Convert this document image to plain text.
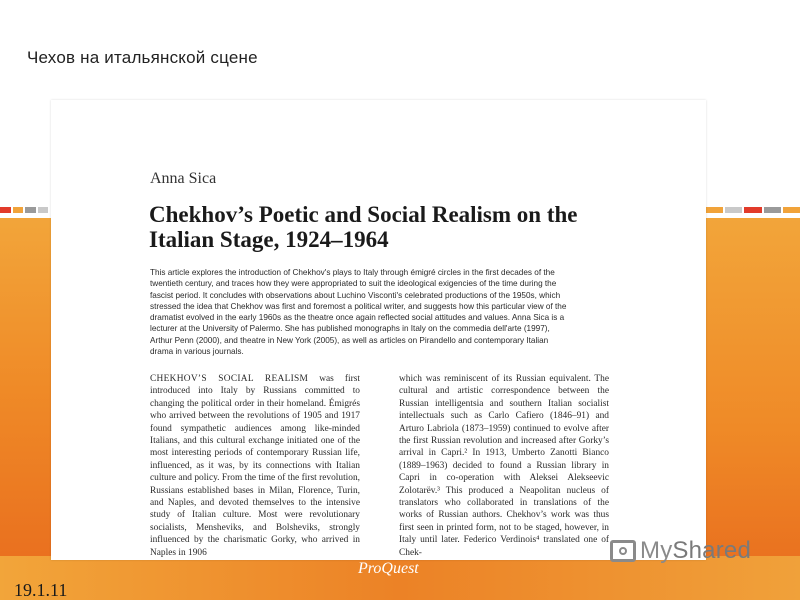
Чехов на итальянской сцене
Anna Sica
Chekhov’s Poetic and Social Realism on the Italian Stage, 1924–1964
This article explores the introduction of Chekhov's plays to Italy through émigré circles in the first decades of the twentieth century, and traces how they were appropriated to suit the ideological exigencies of the time during the fascist period. It concludes with observations about Luchino Visconti's celebrated productions of the 1950s, which stressed the idea that Chekhov was first and foremost a political writer, and suggests how this particular view of the dramatist evolved in the early 1960s as the theatre once again reflected social attitudes and values. Anna Sica is a lecturer at the University of Palermo. She has published monographs in Italy on the commedia dell'arte (1997), Arthur Penn (2000), and theatre in New York (2005), as well as articles on Pirandello and contemporary Italian drama in various journals.
CHEKHOV’S SOCIAL REALISM was first introduced into Italy by Russians committed to changing the political order in their homeland. Émigrés who arrived between the revolutions of 1905 and 1917 found sympathetic audiences among like-minded Italians, and this cultural exchange initiated one of the most interesting periods of contemporary Russian life, influenced, as it was, by its connections with Italian culture and policy. From the time of the first revolution, Russians established bases in Milan, Florence, Turin, and Naples, and devoted themselves to the intensive study of Italian culture. Most were revolutionary socialists, Mensheviks, and Bolsheviks, strongly influenced by the charismatic Gorky, who arrived in Naples in 1906
which was reminiscent of its Russian equivalent. The cultural and artistic correspondence between the Russian intelligentsia and southern Italian socialist intellectuals such as Carlo Cafiero (1846–91) and Arturo Labriola (1873–1959) continued to evolve after the first Russian revolution and increased after Gorky’s arrival in Capri.² In 1913, Umberto Zanotti Bianco (1889–1963) decided to found a Russian library in Capri in co-operation with Aleksei Alekseevic Zolotarëv.³ This produced a Neapolitan nucleus of translators who collaborated in translations of the works of Russian authors. Chekhov’s work was thus first seen in printed form, not to be staged, however, in Italy until later. Federico Verdinois⁴ translated one of Chek-
ProQuest
MyShared
19.1.11
